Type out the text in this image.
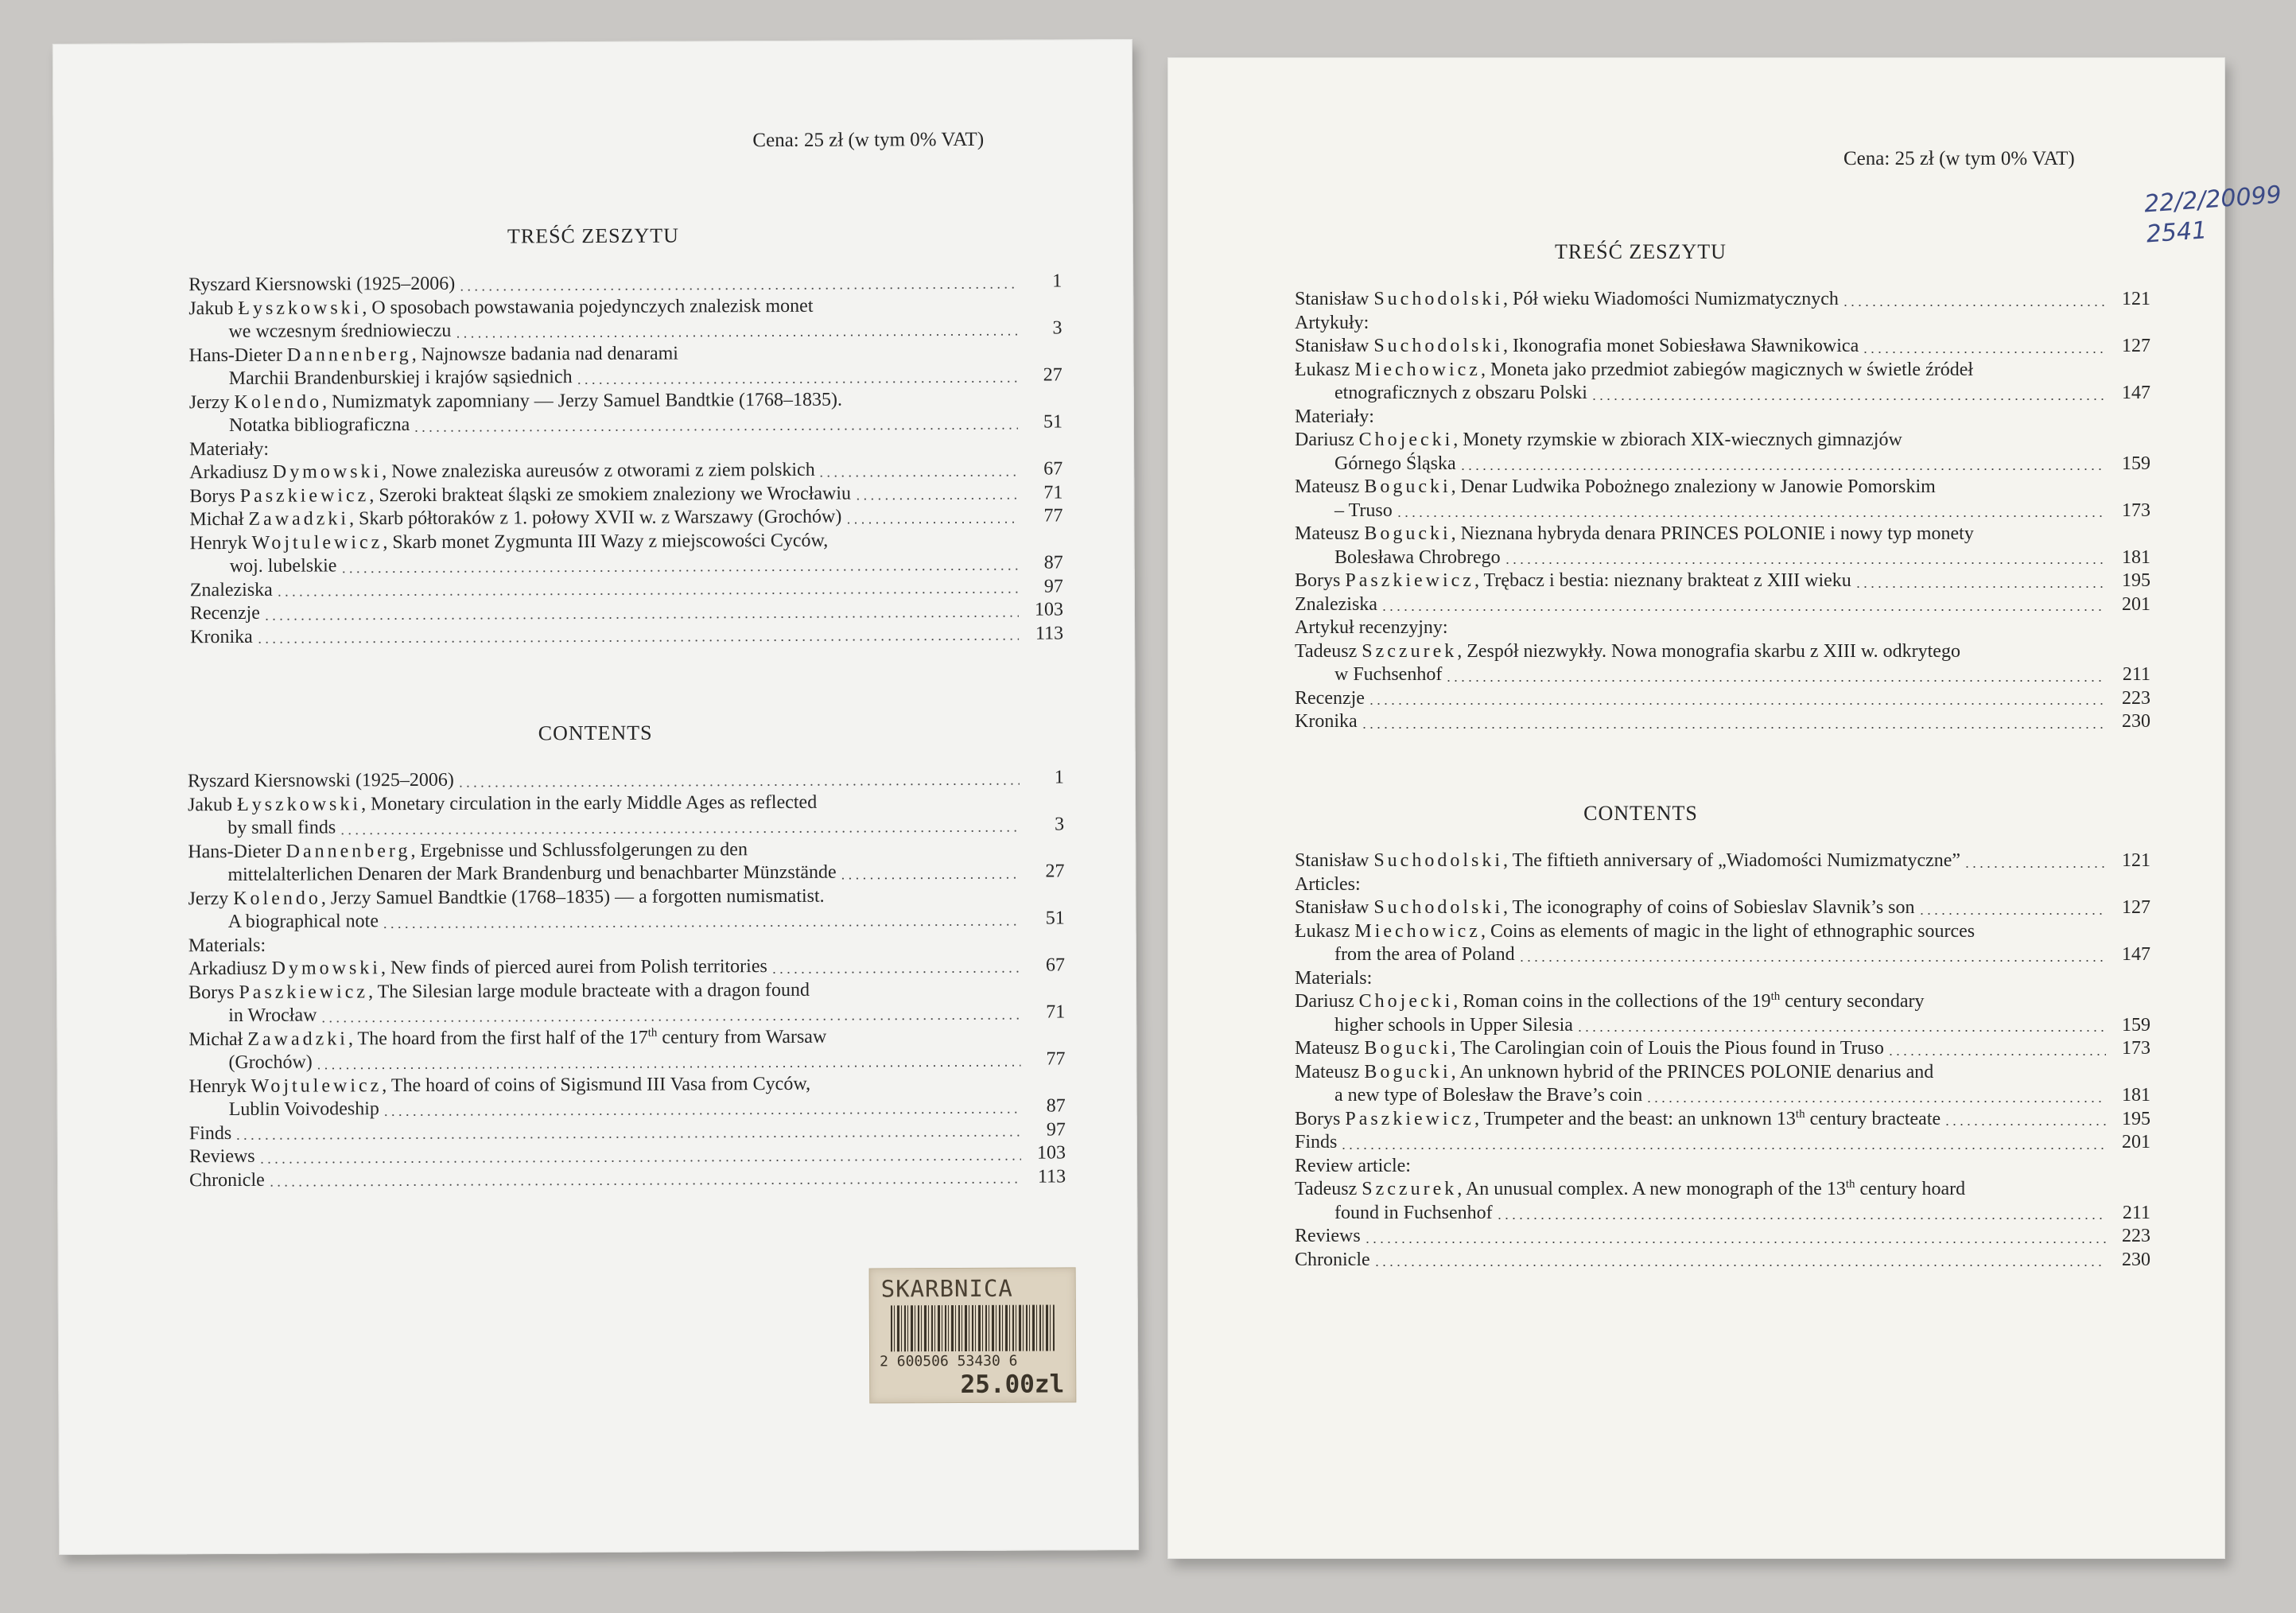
Cena: 25 zł (w tym 0% VAT)
TREŚĆ ZESZYTU
Ryszard Kiersnowski (1925–2006)	1
Jakub Łyszkowski, O sposobach powstawania pojedynczych znalezisk monet
we wczesnym średniowieczu	3
Hans-Dieter Dannenberg, Najnowsze badania nad denarami
Marchii Brandenburskiej i krajów sąsiednich	27
Jerzy Kolendo, Numizmatyk zapomniany — Jerzy Samuel Bandtkie (1768–1835).
Notatka bibliograficzna	51
Materiały:
Arkadiusz Dymowski, Nowe znaleziska aureusów z otworami z ziem polskich	67
Borys Paszkiewicz, Szeroki brakteat śląski ze smokiem znaleziony we Wrocławiu	71
Michał Zawadzki, Skarb półtoraków z 1. połowy XVII w. z Warszawy (Grochów)	77
Henryk Wojtulewicz, Skarb monet Zygmunta III Wazy z miejscowości Cyców,
woj. lubelskie	87
Znaleziska	97
Recenzje	103
Kronika	113
CONTENTS
Ryszard Kiersnowski (1925–2006)	1
Jakub Łyszkowski, Monetary circulation in the early Middle Ages as reflected
by small finds	3
Hans-Dieter Dannenberg, Ergebnisse und Schlussfolgerungen zu den
mittelalterlichen Denaren der Mark Brandenburg und benachbarter Münzstände	27
Jerzy Kolendo, Jerzy Samuel Bandtkie (1768–1835) — a forgotten numismatist.
A biographical note	51
Materials:
Arkadiusz Dymowski, New finds of pierced aurei from Polish territories	67
Borys Paszkiewicz, The Silesian large module bracteate with a dragon found
in Wrocław	71
Michał Zawadzki, The hoard from the first half of the 17th century from Warsaw
(Grochów)	77
Henryk Wojtulewicz, The hoard of coins of Sigismund III Vasa from Cyców,
Lublin Voivodeship	87
Finds	97
Reviews	103
Chronicle	113
SKARBNICA
2 600506 53430 6
25.00zl
Cena: 25 zł (w tym 0% VAT)
22/2/20099
2541
TREŚĆ ZESZYTU
Stanisław Suchodolski, Pół wieku Wiadomości Numizmatycznych	121
Artykuły:
Stanisław Suchodolski, Ikonografia monet Sobiesława Sławnikowica	127
Łukasz Miechowicz, Moneta jako przedmiot zabiegów magicznych w świetle źródeł
etnograficznych z obszaru Polski	147
Materiały:
Dariusz Chojecki, Monety rzymskie w zbiorach XIX-wiecznych gimnazjów
Górnego Śląska	159
Mateusz Bogucki, Denar Ludwika Pobożnego znaleziony w Janowie Pomorskim
– Truso	173
Mateusz Bogucki, Nieznana hybryda denara PRINCES POLONIE i nowy typ monety
Bolesława Chrobrego	181
Borys Paszkiewicz, Trębacz i bestia: nieznany brakteat z XIII wieku	195
Znaleziska	201
Artykuł recenzyjny:
Tadeusz Szczurek, Zespół niezwykły. Nowa monografia skarbu z XIII w. odkrytego
w Fuchsenhof	211
Recenzje	223
Kronika	230
CONTENTS
Stanisław Suchodolski, The fiftieth anniversary of „Wiadomości Numizmatyczne”	121
Articles:
Stanisław Suchodolski, The iconography of coins of Sobieslav Slavnik’s son	127
Łukasz Miechowicz, Coins as elements of magic in the light of ethnographic sources
from the area of Poland	147
Materials:
Dariusz Chojecki, Roman coins in the collections of the 19th century secondary
higher schools in Upper Silesia	159
Mateusz Bogucki, The Carolingian coin of Louis the Pious found in Truso	173
Mateusz Bogucki, An unknown hybrid of the PRINCES POLONIE denarius and
a new type of Bolesław the Brave’s coin	181
Borys Paszkiewicz, Trumpeter and the beast: an unknown 13th century bracteate	195
Finds	201
Review article:
Tadeusz Szczurek, An unusual complex. A new monograph of the 13th century hoard
found in Fuchsenhof	211
Reviews	223
Chronicle	230
